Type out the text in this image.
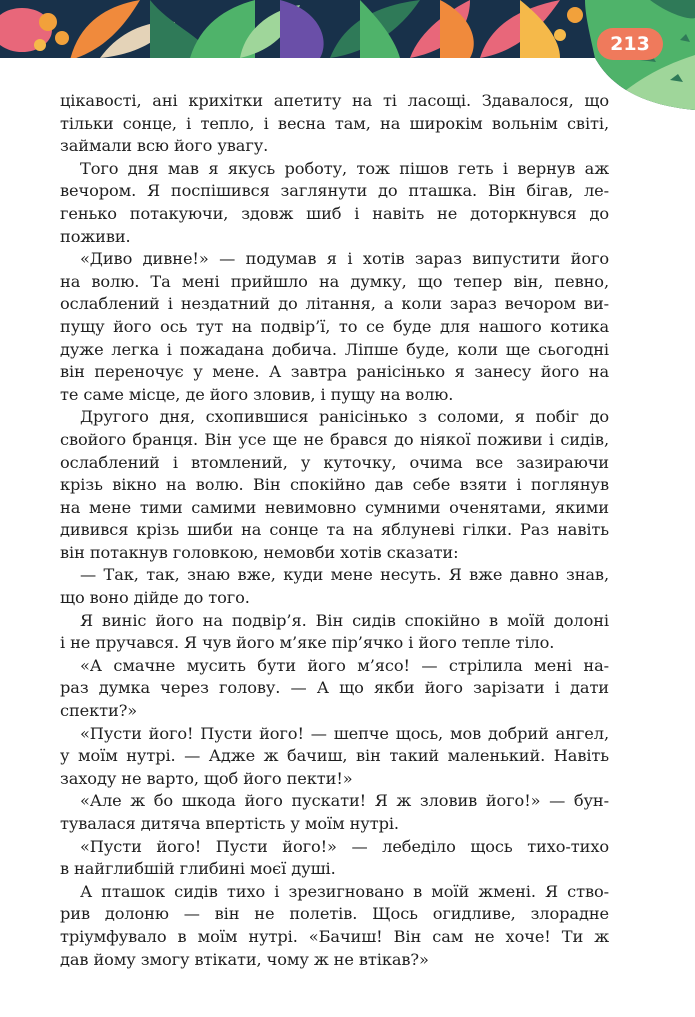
213
цікавості, ані крихітки апетиту на ті ласощі. Здавалося, що
тільки сонце, і тепло, і весна там, на широкім вольнім світі,
займали всю його увагу.
Того дня мав я якусь роботу, тож пішов геть і вернув аж
вечором. Я поспішився заглянути до пташка. Він бігав, ле-
генько потакуючи, здовж шиб і навіть не доторкнувся до
поживи.
«Диво дивне!» — подумав я і хотів зараз випустити його
на волю. Та мені прийшло на думку, що тепер він, певно,
ослаблений і нездатний до літання, а коли зараз вечором ви-
пущу його ось тут на подвір’ї, то се буде для нашого котика
дуже легка і пожадана добича. Ліпше буде, коли ще сьогодні
він переночує у мене. А завтра ранісінько я занесу його на
те саме місце, де його зловив, і пущу на волю.
Другого дня, схопившися ранісінько з соломи, я побіг до
свойого бранця. Він усе ще не брався до ніякої поживи і сидів,
ослаблений і втомлений, у куточку, очима все зазираючи
крізь вікно на волю. Він спокійно дав себе взяти і поглянув
на мене тими самими невимовно сумними оченятами, якими
дивився крізь шиби на сонце та на яблуневі гілки. Раз навіть
він потакнув головкою, немовби хотів сказати:
— Так, так, знаю вже, куди мене несуть. Я вже давно знав,
що воно дійде до того.
Я виніс його на подвір’я. Він сидів спокійно в моїй долоні
і не пручався. Я чув його м’яке пір’ячко і його тепле тіло.
«А смачне мусить бути його м’ясо! — стрілила мені на-
раз думка через голову. — А що якби його зарізати і дати
спекти?»
«Пусти його! Пусти його! — шепче щось, мов добрий ангел,
у моїм нутрі. — Адже ж бачиш, він такий маленький. Навіть
заходу не варто, щоб його пекти!»
«Але ж бо шкода його пускати! Я ж зловив його!» — бун-
тувалася дитяча впертість у моїм нутрі.
«Пусти його! Пусти його!» — лебеділо щось тихо-тихо
в найглибшій глибині моєї душі.
А пташок сидів тихо і зрезигновано в моїй жмені. Я ство-
рив долоню — він не полетів. Щось огидливе, злорадне
тріумфувало в моїм нутрі. «Бачиш! Він сам не хоче! Ти ж
дав йому змогу втікати, чому ж не втікав?»
